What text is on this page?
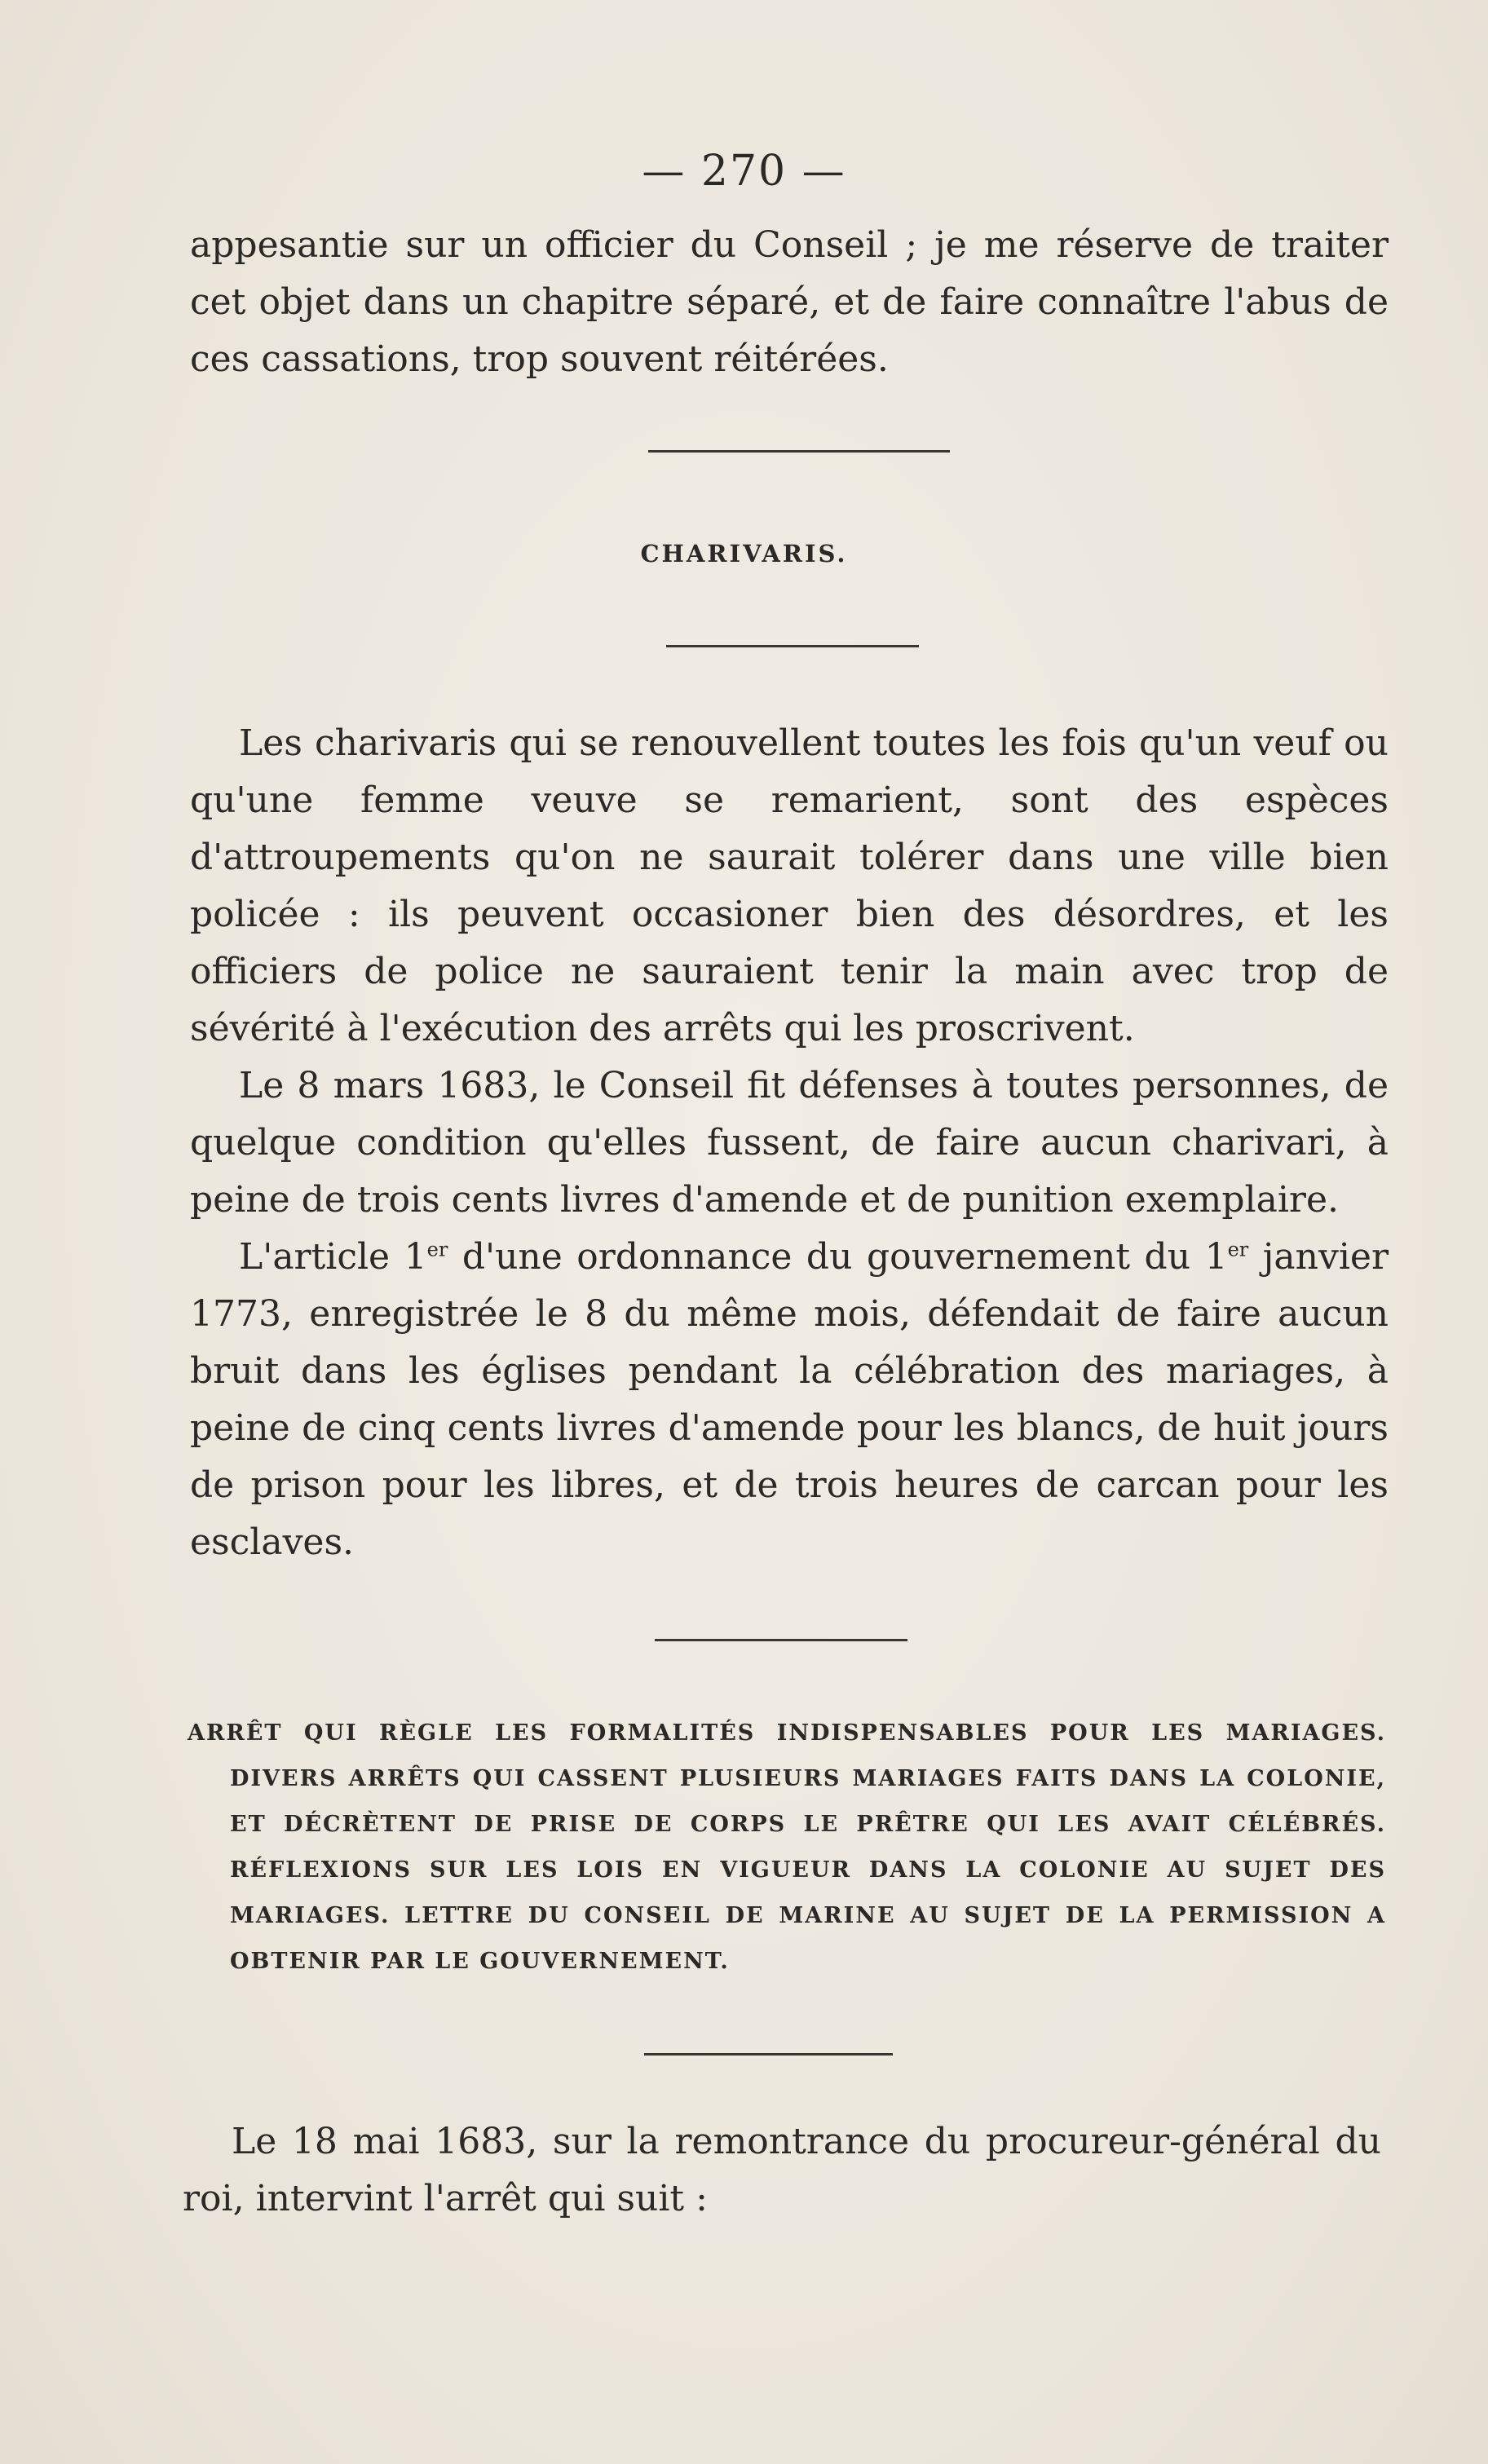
— 270 —

appesantie sur un officier du Conseil ; je me réserve de traiter cet objet dans un chapitre séparé, et de faire connaître l'abus de ces cassations, trop souvent réitérées.

CHARIVARIS.

Les charivaris qui se renouvellent toutes les fois qu'un veuf ou qu'une femme veuve se remarient, sont des espèces d'attroupements qu'on ne saurait tolérer dans une ville bien policée : ils peuvent occasioner bien des désordres, et les officiers de police ne sauraient tenir la main avec trop de sévérité à l'exécution des arrêts qui les proscrivent.

Le 8 mars 1683, le Conseil fit défenses à toutes personnes, de quelque condition qu'elles fussent, de faire aucun charivari, à peine de trois cents livres d'amende et de punition exemplaire.

L'article 1er d'une ordonnance du gouvernement du 1er janvier 1773, enregistrée le 8 du même mois, défendait de faire aucun bruit dans les églises pendant la célébration des mariages, à peine de cinq cents livres d'amende pour les blancs, de huit jours de prison pour les libres, et de trois heures de carcan pour les esclaves.

ARRÊT QUI RÈGLE LES FORMALITÉS INDISPENSABLES POUR LES MARIAGES. DIVERS ARRÊTS QUI CASSENT PLUSIEURS MARIAGES FAITS DANS LA COLONIE, ET DÉCRÈTENT DE PRISE DE CORPS LE PRÊTRE QUI LES AVAIT CÉLÉBRÉS. RÉFLEXIONS SUR LES LOIS EN VIGUEUR DANS LA COLONIE AU SUJET DES MARIAGES. LETTRE DU CONSEIL DE MARINE AU SUJET DE LA PERMISSION A OBTENIR PAR LE GOUVERNEMENT.

Le 18 mai 1683, sur la remontrance du procureur-général du roi, intervint l'arrêt qui suit :
